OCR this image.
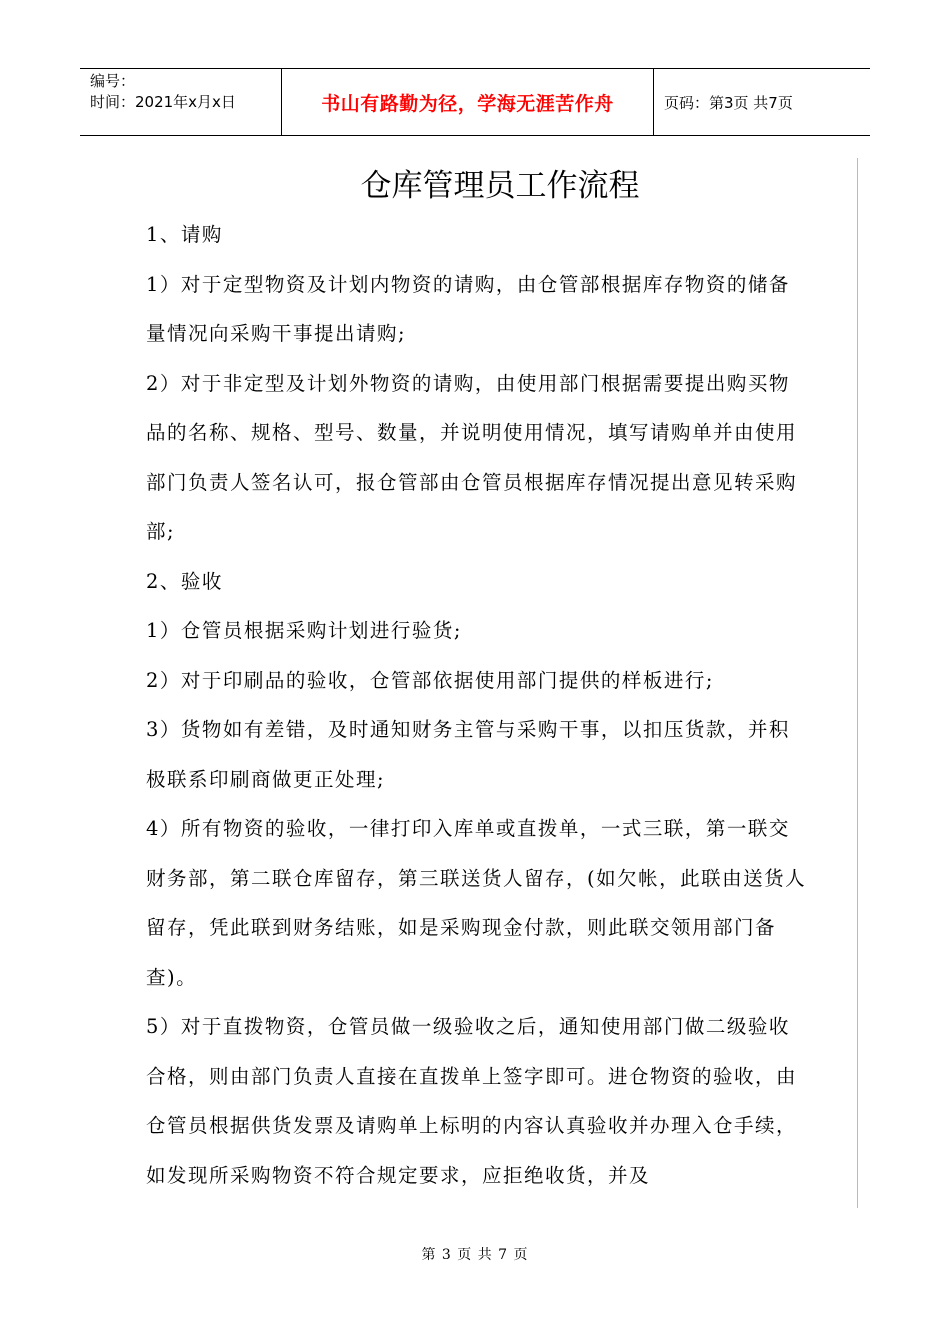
编号：
时间：2021年x月x日	书山有路勤为径，学海无涯苦作舟	页码：第3页 共7页
仓库管理员工作流程

1、请购

1）对于定型物资及计划内物资的请购，由仓管部根据库存物资的储备量情况向采购干事提出请购;

2）对于非定型及计划外物资的请购，由使用部门根据需要提出购买物品的名称、规格、型号、数量，并说明使用情况，填写请购单并由使用部门负责人签名认可，报仓管部由仓管员根据库存情况提出意见转采购部;

2、验收

1）仓管员根据采购计划进行验货;

2）对于印刷品的验收，仓管部依据使用部门提供的样板进行;

3）货物如有差错，及时通知财务主管与采购干事，以扣压货款，并积极联系印刷商做更正处理;

4）所有物资的验收，一律打印入库单或直拨单，一式三联，第一联交财务部，第二联仓库留存，第三联送货人留存，(如欠帐，此联由送货人留存，凭此联到财务结账，如是采购现金付款，则此联交领用部门备查)。

5）对于直拨物资，仓管员做一级验收之后，通知使用部门做二级验收合格，则由部门负责人直接在直拨单上签字即可。进仓物资的验收，由仓管员根据供货发票及请购单上标明的内容认真验收并办理入仓手续，如发现所采购物资不符合规定要求，应拒绝收货，并及

第 3 页 共 7 页
